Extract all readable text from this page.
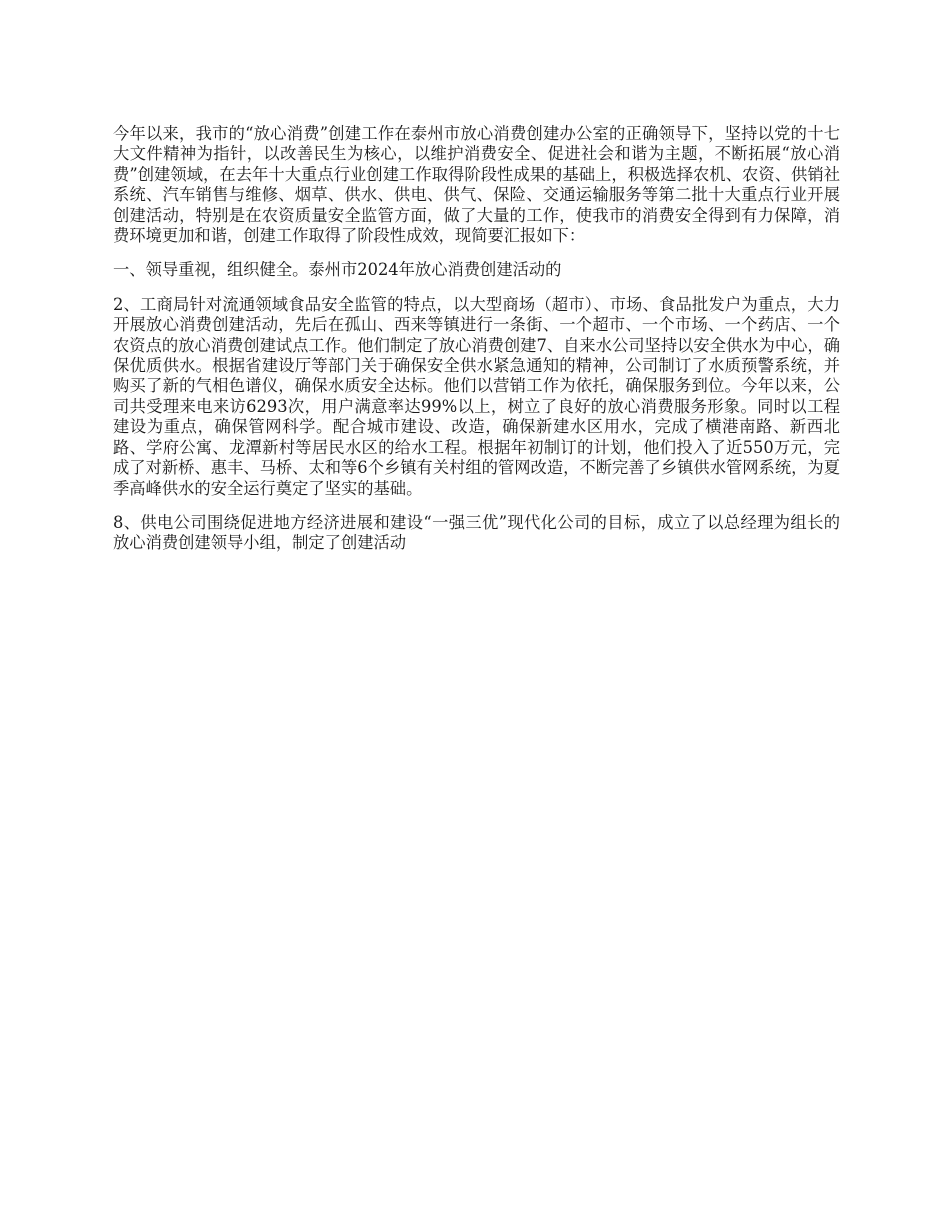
今年以来，我市的“放心消费”创建工作在泰州市放心消费创建办公室的正确领导下，坚持以党的十七大文件精神为指针，以改善民生为核心，以维护消费安全、促进社会和谐为主题，不断拓展“放心消费”创建领域，在去年十大重点行业创建工作取得阶段性成果的基础上，积极选择农机、农资、供销社系统、汽车销售与维修、烟草、供水、供电、供气、保险、交通运输服务等第二批十大重点行业开展创建活动，特别是在农资质量安全监管方面，做了大量的工作，使我市的消费安全得到有力保障，消费环境更加和谐，创建工作取得了阶段性成效，现简要汇报如下：

一、领导重视，组织健全。泰州市2024年放心消费创建活动的

2、工商局针对流通领域食品安全监管的特点，以大型商场（超市）、市场、食品批发户为重点，大力开展放心消费创建活动，先后在孤山、西来等镇进行一条街、一个超市、一个市场、一个药店、一个农资点的放心消费创建试点工作。他们制定了放心消费创建7、自来水公司坚持以安全供水为中心，确保优质供水。根据省建设厅等部门关于确保安全供水紧急通知的精神，公司制订了水质预警系统，并购买了新的气相色谱仪，确保水质安全达标。他们以营销工作为依托，确保服务到位。今年以来，公司共受理来电来访6293次，用户满意率达99%以上，树立了良好的放心消费服务形象。同时以工程建设为重点，确保管网科学。配合城市建设、改造，确保新建水区用水，完成了横港南路、新西北路、学府公寓、龙潭新村等居民水区的给水工程。根据年初制订的计划，他们投入了近550万元，完成了对新桥、惠丰、马桥、太和等6个乡镇有关村组的管网改造，不断完善了乡镇供水管网系统，为夏季高峰供水的安全运行奠定了坚实的基础。

8、供电公司围绕促进地方经济进展和建设“一强三优”现代化公司的目标，成立了以总经理为组长的放心消费创建领导小组，制定了创建活动
